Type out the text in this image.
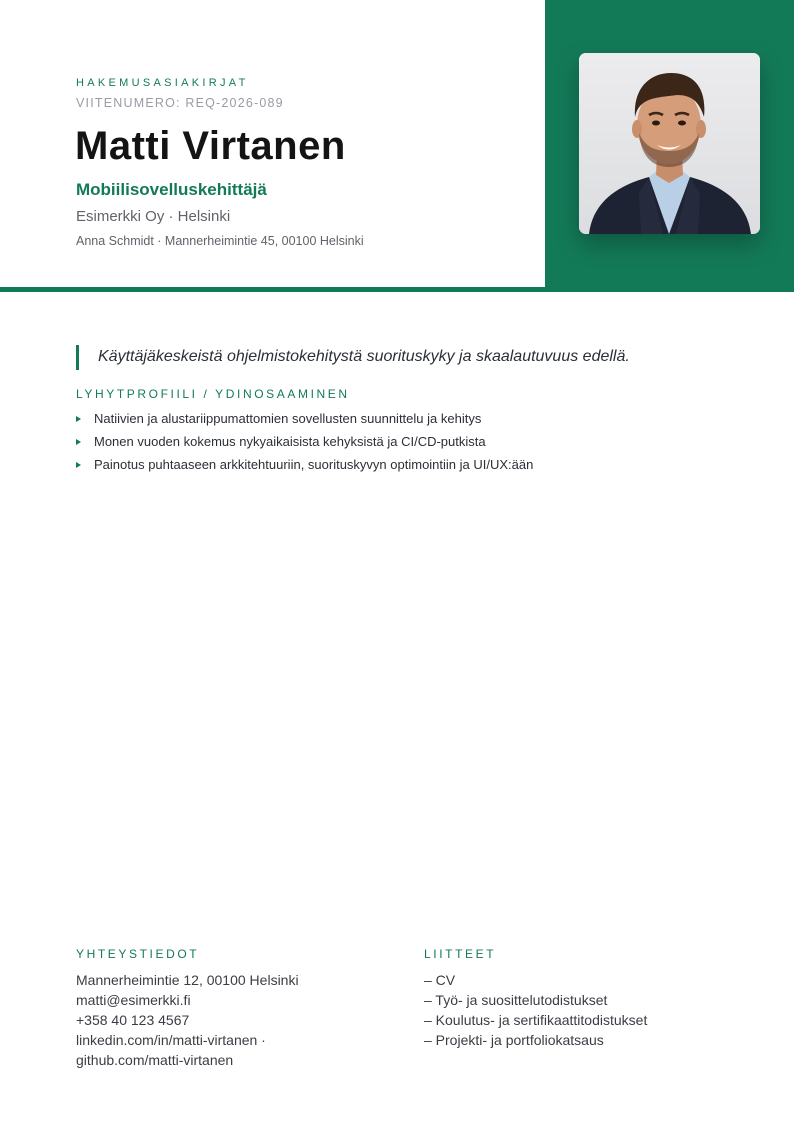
HAKEMUSASIAKIRJAT
VIITENUMERO: REQ-2026-089
Matti Virtanen
Mobiilisovelluskehittäjä
Esimerkki Oy · Helsinki
Anna Schmidt · Mannerheimintie 45, 00100 Helsinki
Käyttäjäkeskeistä ohjelmistokehitystä suorituskyky ja skaalautuvuus edellä.
LYHYTPROFIILI / YDINOSAAMINEN
Natiivien ja alustariippumattomien sovellusten suunnittelu ja kehitys
Monen vuoden kokemus nykyaikaisista kehyksistä ja CI/CD-putkista
Painotus puhtaaseen arkkitehtuuriin, suorituskyvyn optimointiin ja UI/UX:ään
YHTEYSTIEDOT
Mannerheimintie 12, 00100 Helsinki
matti@esimerkki.fi
+358 40 123 4567
linkedin.com/in/matti-virtanen · github.com/matti-virtanen
LIITTEET
– CV
– Työ- ja suosittelutodistukset
– Koulutus- ja sertifikaattitodistukset
– Projekti- ja portfoliokatsaus
